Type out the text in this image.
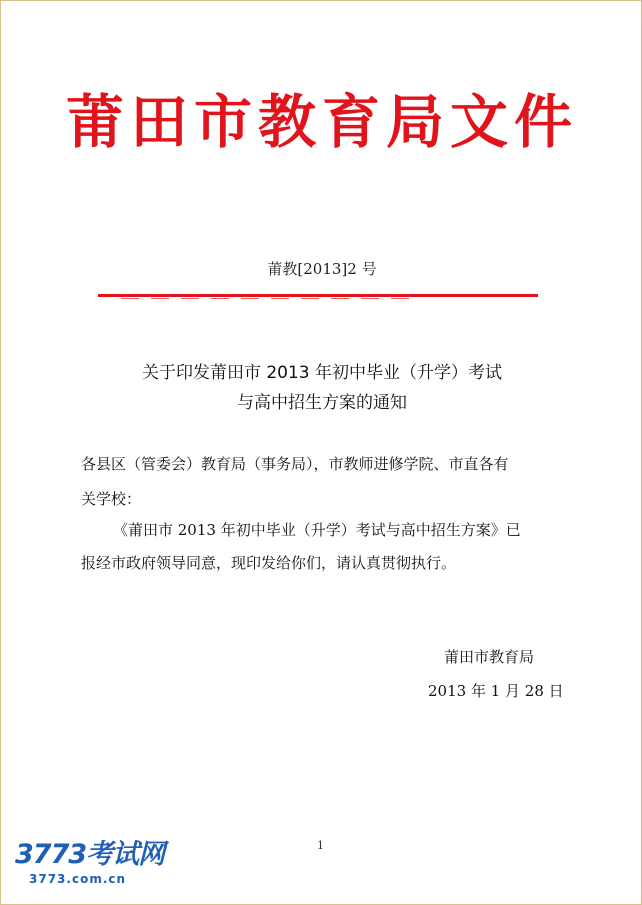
莆田市教育局文件
莆教[2013]2 号
关于印发莆田市 2013 年初中毕业（升学）考试
与高中招生方案的通知
各县区（管委会）教育局（事务局），市教师进修学院、市直各有
关学校：
《莆田市 2013 年初中毕业（升学）考试与高中招生方案》已
报经市政府领导同意，现印发给你们，请认真贯彻执行。
莆田市教育局
2013 年 1 月 28 日
1
3773考试网
3773.com.cn
